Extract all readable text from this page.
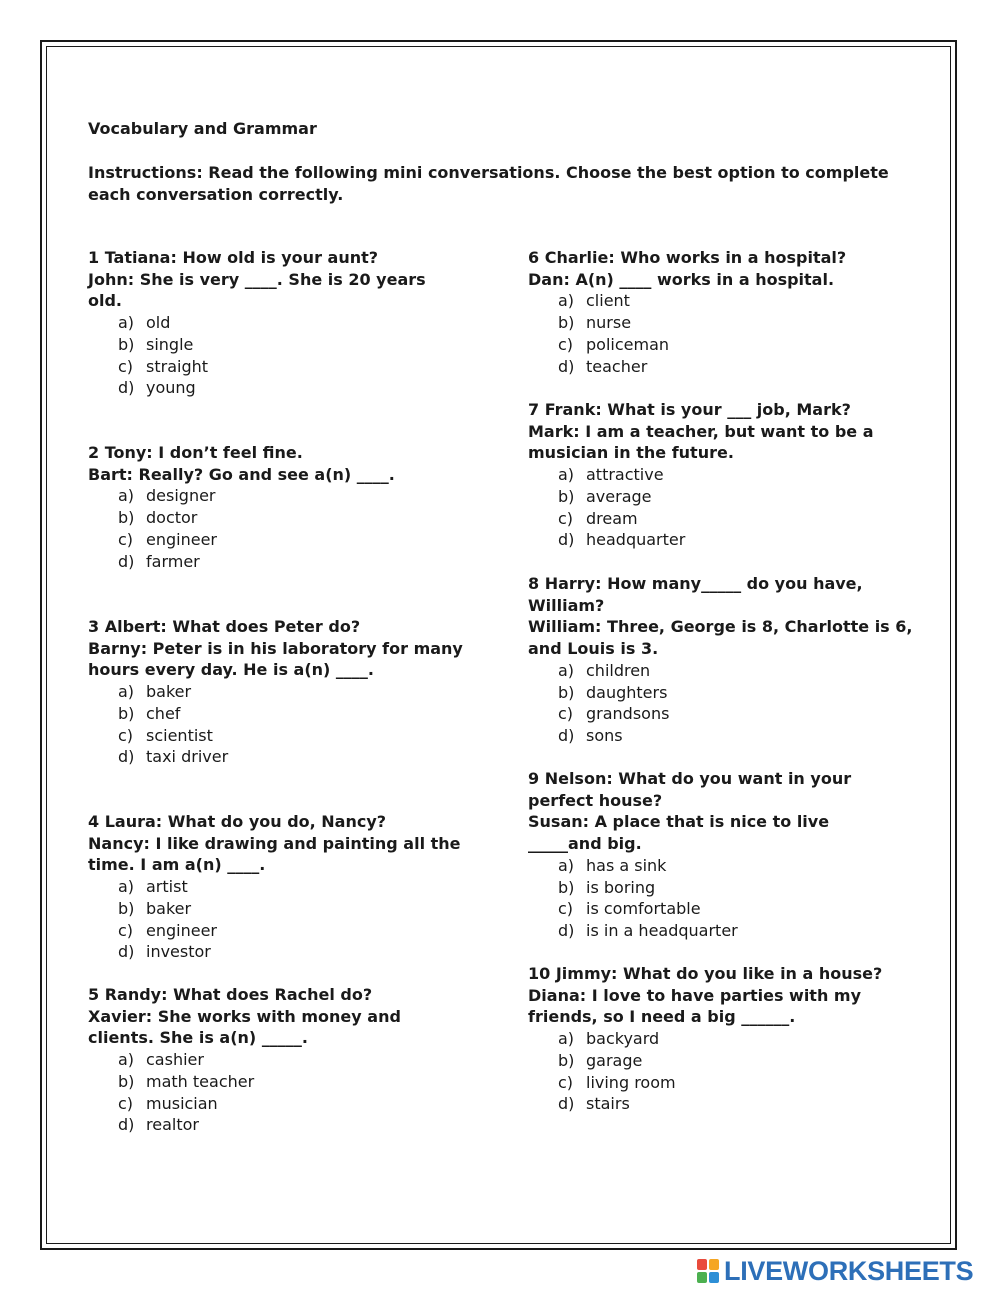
Vocabulary and Grammar

Instructions: Read the following mini conversations. Choose the best option to complete each conversation correctly.

1 Tatiana: How old is your aunt?

John: She is very ____. She is 20 years

old.

a) old
b) single
c) straight
d) young

2 Tony: I don’t feel fine.

Bart: Really? Go and see a(n) ____.

a) designer
b) doctor
c) engineer
d) farmer

3 Albert: What does Peter do?

Barny: Peter is in his laboratory for many

hours every day. He is a(n) ____.

a) baker
b) chef
c) scientist
d) taxi driver

4 Laura: What do you do, Nancy?

Nancy: I like drawing and painting all the

time. I am a(n) ____.

a) artist
b) baker
c) engineer
d) investor

5 Randy: What does Rachel do?

Xavier: She works with money and

clients. She is a(n) _____.

a) cashier
b) math teacher
c) musician
d) realtor

6 Charlie: Who works in a hospital?

Dan: A(n) ____ works in a hospital.

a) client
b) nurse
c) policeman
d) teacher

7 Frank: What is your ___ job, Mark?

Mark: I am a teacher, but want to be a

musician in the future.

a) attractive
b) average
c) dream
d) headquarter

8 Harry: How many_____ do you have,

William?

William: Three, George is 8, Charlotte is 6,

and Louis is 3.

a) children
b) daughters
c) grandsons
d) sons

9 Nelson: What do you want in your

perfect house?

Susan: A place that is nice to live

_____and big.

a) has a sink
b) is boring
c) is comfortable
d) is in a headquarter

10 Jimmy: What do you like in a house?

Diana: I love to have parties with my

friends, so I need a big ______.

a) backyard
b) garage
c) living room
d) stairs
LIVEWORKSHEETS
